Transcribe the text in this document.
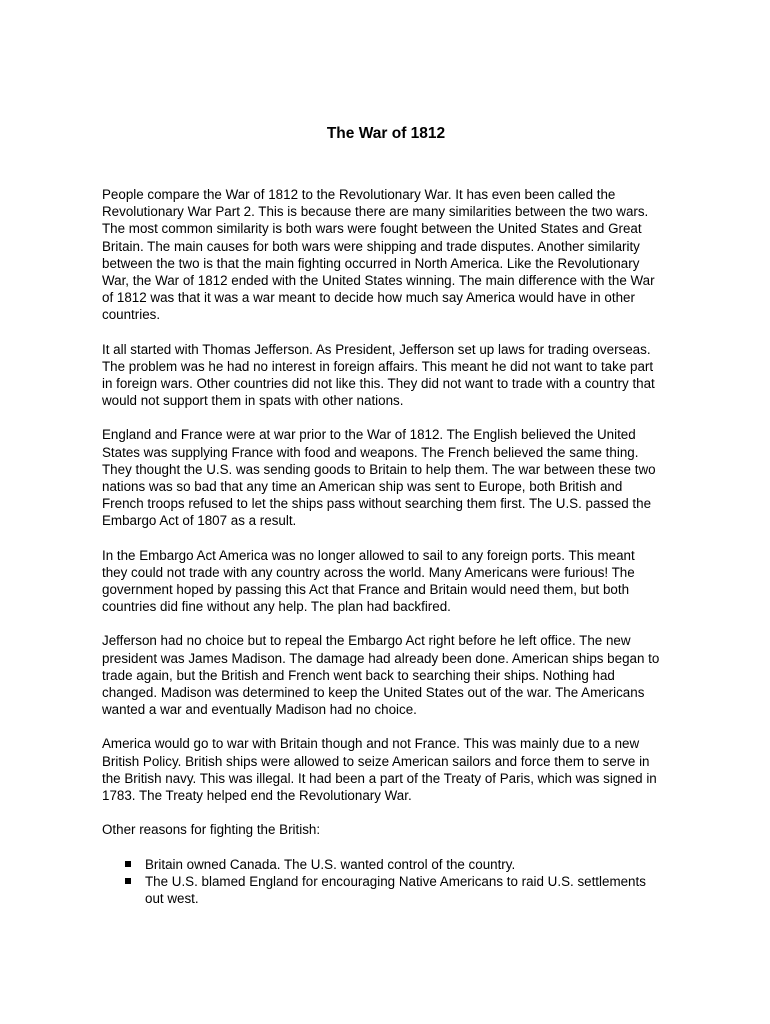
The War of 1812

People compare the War of 1812 to the Revolutionary War. It has even been called the Revolutionary War Part 2. This is because there are many similarities between the two wars. The most common similarity is both wars were fought between the United States and Great Britain. The main causes for both wars were shipping and trade disputes. Another similarity between the two is that the main fighting occurred in North America. Like the Revolutionary War, the War of 1812 ended with the United States winning. The main difference with the War of 1812 was that it was a war meant to decide how much say America would have in other countries.

It all started with Thomas Jefferson. As President, Jefferson set up laws for trading overseas. The problem was he had no interest in foreign affairs. This meant he did not want to take part in foreign wars. Other countries did not like this. They did not want to trade with a country that would not support them in spats with other nations.

England and France were at war prior to the War of 1812. The English believed the United States was supplying France with food and weapons. The French believed the same thing. They thought the U.S. was sending goods to Britain to help them. The war between these two nations was so bad that any time an American ship was sent to Europe, both British and French troops refused to let the ships pass without searching them first. The U.S. passed the Embargo Act of 1807 as a result.

In the Embargo Act America was no longer allowed to sail to any foreign ports. This meant they could not trade with any country across the world. Many Americans were furious! The government hoped by passing this Act that France and Britain would need them, but both countries did fine without any help. The plan had backfired.

Jefferson had no choice but to repeal the Embargo Act right before he left office. The new president was James Madison. The damage had already been done. American ships began to trade again, but the British and French went back to searching their ships. Nothing had changed. Madison was determined to keep the United States out of the war. The Americans wanted a war and eventually Madison had no choice.

America would go to war with Britain though and not France. This was mainly due to a new British Policy. British ships were allowed to seize American sailors and force them to serve in the British navy. This was illegal. It had been a part of the Treaty of Paris, which was signed in 1783. The Treaty helped end the Revolutionary War.

Other reasons for fighting the British:

Britain owned Canada. The U.S. wanted control of the country.
The U.S. blamed England for encouraging Native Americans to raid U.S. settlements out west.
